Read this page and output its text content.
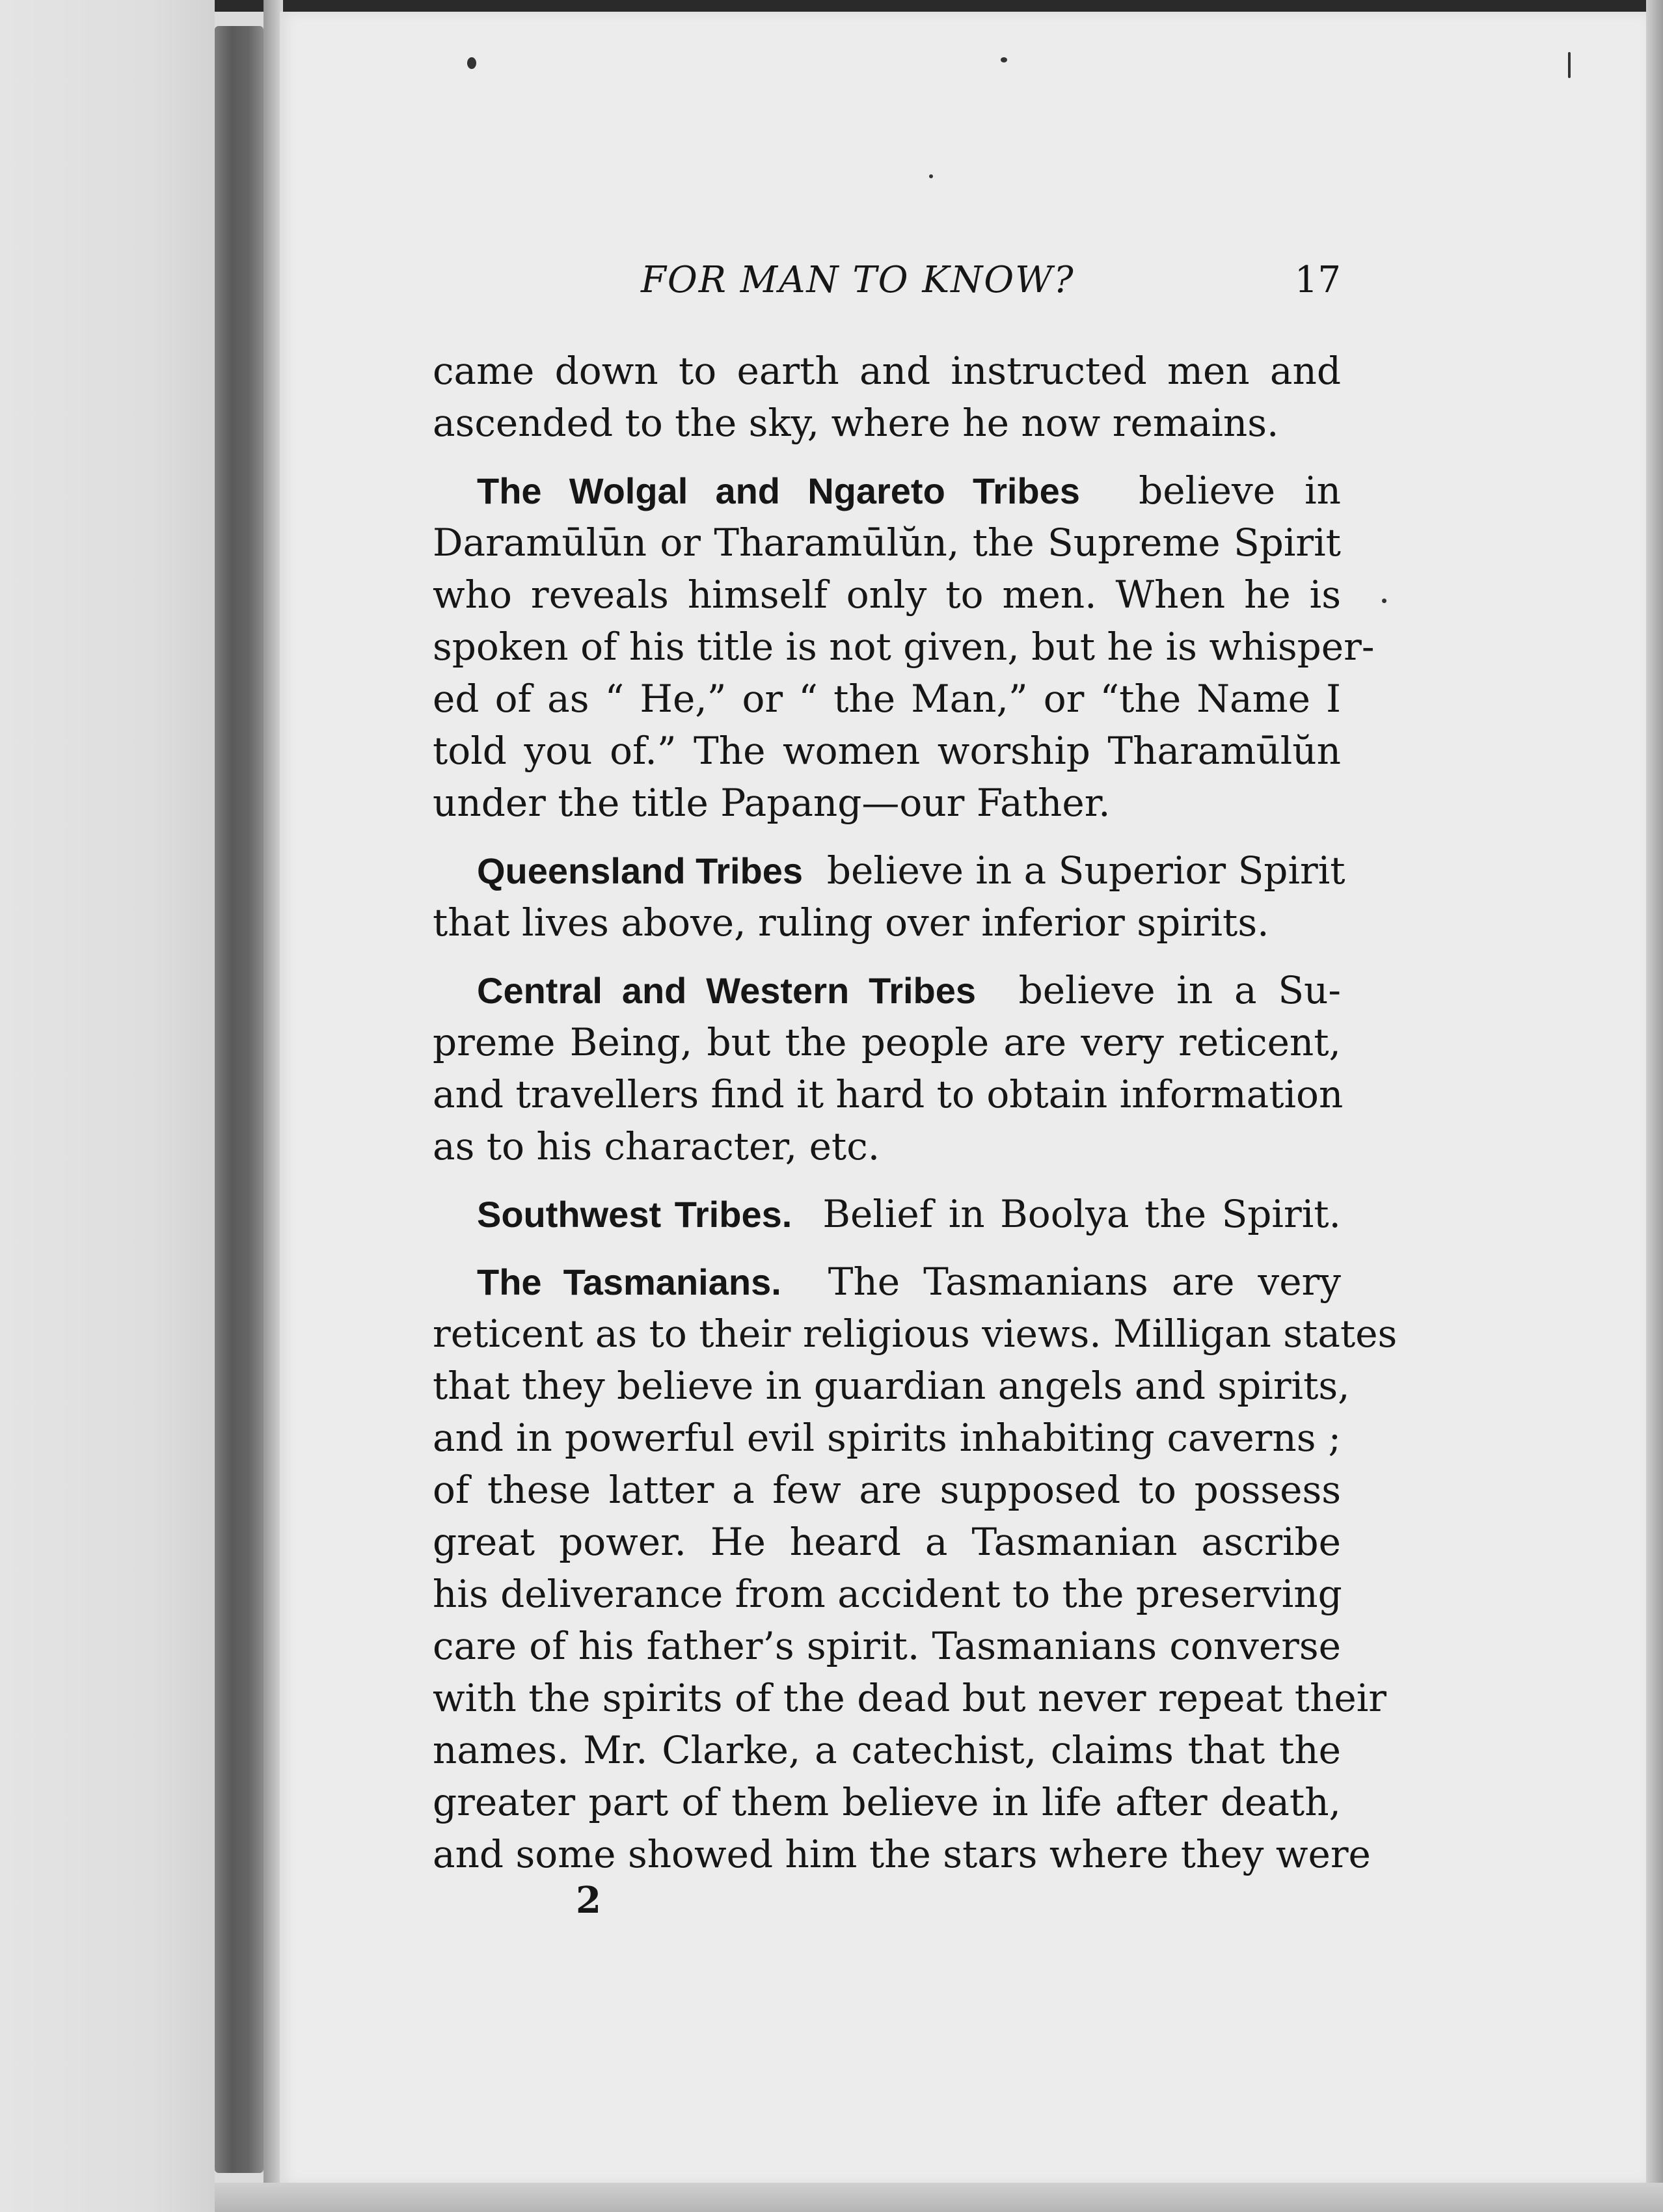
FOR MAN TO KNOW?	17
came down to earth and instructed men and
ascended to the sky, where he now remains.
The Wolgal and Ngareto Tribes believe in
Daramūlūn or Tharamūlŭn, the Supreme Spirit
who reveals himself only to men. When he is
spoken of his title is not given, but he is whisper-
ed of as “ He,” or “ the Man,” or “the Name I
told you of.” The women worship Tharamūlŭn
under the title Papang—our Father.
Queensland Tribes believe in a Superior Spirit
that lives above, ruling over inferior spirits.
Central and Western Tribes believe in a Su-
preme Being, but the people are very reticent,
and travellers find it hard to obtain information
as to his character, etc.
Southwest Tribes. Belief in Boolya the Spirit.
The Tasmanians. The Tasmanians are very
reticent as to their religious views. Milligan states
that they believe in guardian angels and spirits,
and in powerful evil spirits inhabiting caverns ;
of these latter a few are supposed to possess
great power. He heard a Tasmanian ascribe
his deliverance from accident to the preserving
care of his father’s spirit. Tasmanians converse
with the spirits of the dead but never repeat their
names. Mr. Clarke, a catechist, claims that the
greater part of them believe in life after death,
and some showed him the stars where they were
2
